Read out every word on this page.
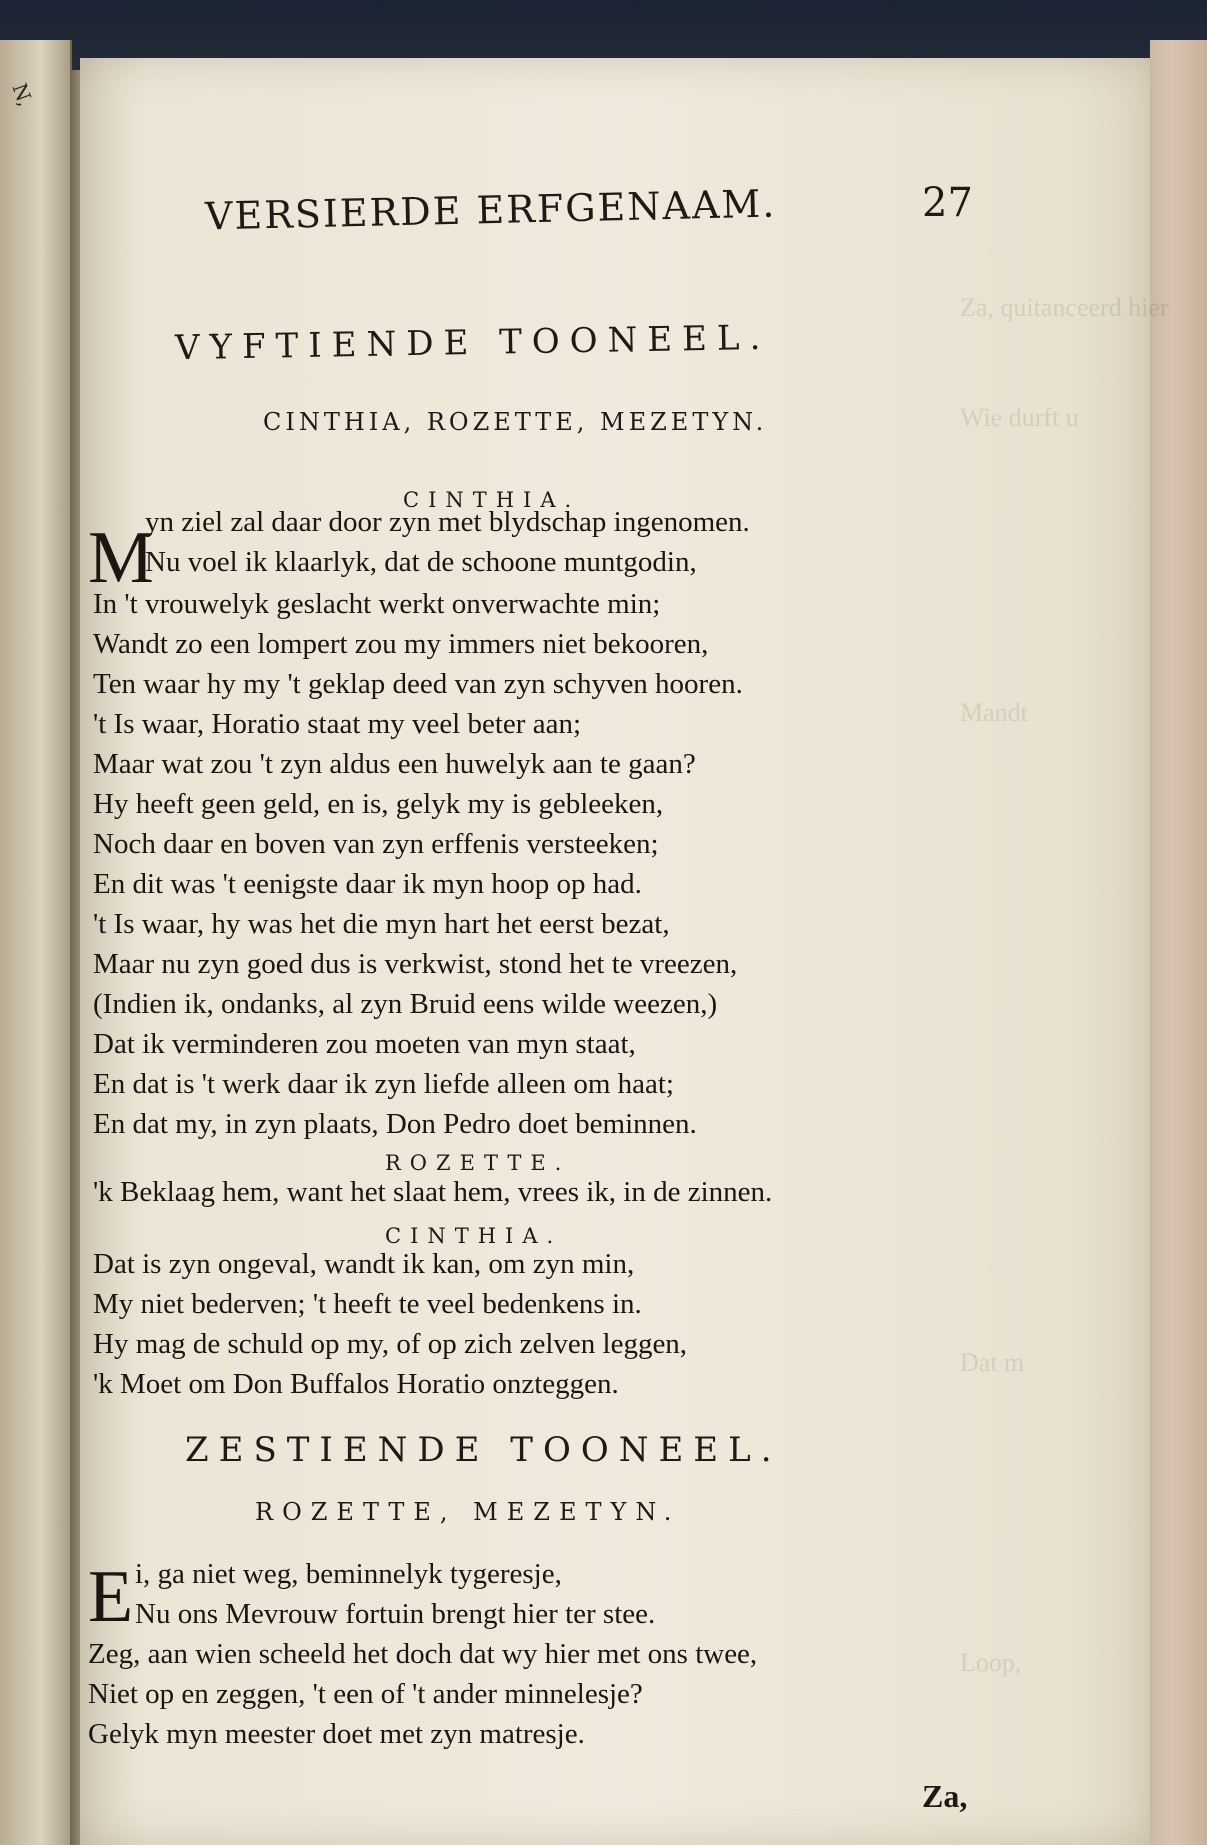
N,
Za, quitanceerd hier
Wie durft u
Mandt
Dat m
Loop,
VERSIERDE ERFGENAAM.	27
VYFTIENDE TOONEEL.
CINTHIA, ROZETTE, MEZETYN.
CINTHIA.
M
yn ziel zal daar door zyn met blydschap ingenomen.
Nu voel ik klaarlyk, dat de schoone muntgodin,
In 't vrouwelyk geslacht werkt onverwachte min;
Wandt zo een lompert zou my immers niet bekooren,
Ten waar hy my 't geklap deed van zyn schyven hooren.
't Is waar, Horatio staat my veel beter aan;
Maar wat zou 't zyn aldus een huwelyk aan te gaan?
Hy heeft geen geld, en is, gelyk my is gebleeken,
Noch daar en boven van zyn erffenis versteeken;
En dit was 't eenigste daar ik myn hoop op had.
't Is waar, hy was het die myn hart het eerst bezat,
Maar nu zyn goed dus is verkwist, stond het te vreezen,
(Indien ik, ondanks, al zyn Bruid eens wilde weezen,)
Dat ik verminderen zou moeten van myn staat,
En dat is 't werk daar ik zyn liefde alleen om haat;
En dat my, in zyn plaats, Don Pedro doet beminnen.
ROZETTE.
'k Beklaag hem, want het slaat hem, vrees ik, in de zinnen.
CINTHIA.
Dat is zyn ongeval, wandt ik kan, om zyn min,
My niet bederven; 't heeft te veel bedenkens in.
Hy mag de schuld op my, of op zich zelven leggen,
'k Moet om Don Buffalos Horatio onzteggen.
ZESTIENDE TOONEEL.
ROZETTE, MEZETYN.
E i, ga niet weg, beminnelyk tygeresje,
Nu ons Mevrouw fortuin brengt hier ter stee.
Zeg, aan wien scheeld het doch dat wy hier met ons twee,
Niet op en zeggen, 't een of 't ander minnelesje?
Gelyk myn meester doet met zyn matresje.
Za,
